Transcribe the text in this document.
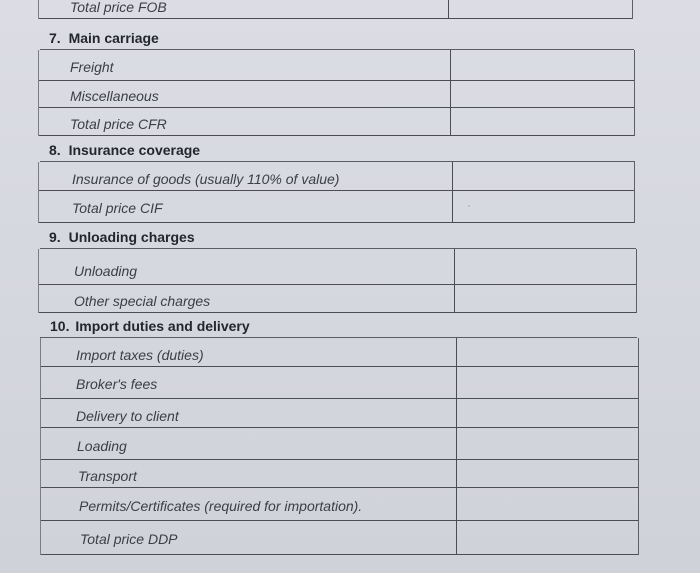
Total price FOB
7. Main carriage
Freight
Miscellaneous
Total price CFR
8. Insurance coverage
Insurance of goods (usually 110% of value)
Total price CIF
9. Unloading charges
Unloading
Other special charges
10. Import duties and delivery
Import taxes (duties)
Broker's fees
Delivery to client
Loading
Transport
Permits/Certificates (required for importation).
Total price DDP
